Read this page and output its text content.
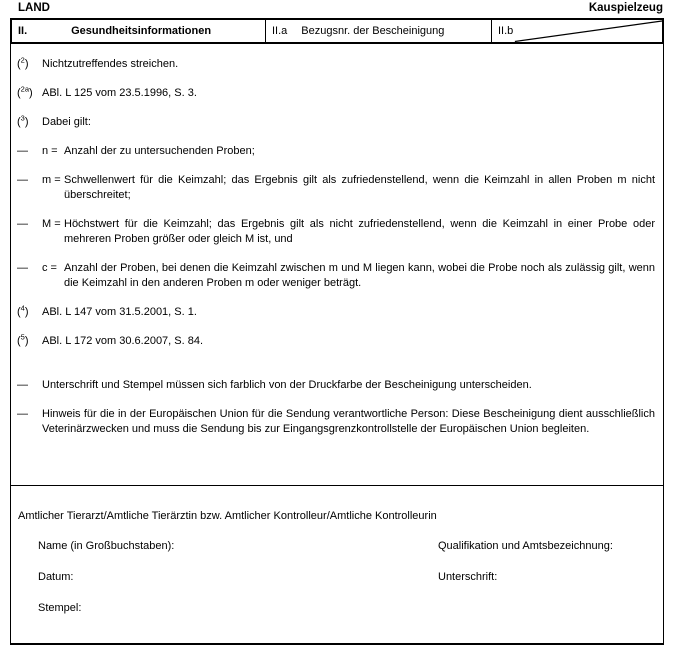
LAND	Kauspielzeug
II.	Gesundheitsinformationen	II.a Bezugsnr. der Bescheinigung	II.b
($^2$)	Nichtzutreffendes streichen.
($^{2a}$) ABl. L 125 vom 23.5.1996, S. 3.
($^3$)	Dabei gilt:
—	n = Anzahl der zu untersuchenden Proben;
—	m = Schwellenwert für die Keimzahl; das Ergebnis gilt als zufriedenstellend, wenn die Keimzahl in allen Proben m nicht überschreitet;
—	M = Höchstwert für die Keimzahl; das Ergebnis gilt als nicht zufriedenstellend, wenn die Keimzahl in einer Probe oder mehreren Proben größer oder gleich M ist, und
—	c = Anzahl der Proben, bei denen die Keimzahl zwischen m und M liegen kann, wobei die Probe noch als zulässig gilt, wenn die Keimzahl in den anderen Proben m oder weniger beträgt.
($^4$)	ABl. L 147 vom 31.5.2001, S. 1.
($^5$)	ABl. L 172 vom 30.6.2007, S. 84.
—	Unterschrift und Stempel müssen sich farblich von der Druckfarbe der Bescheinigung unterscheiden.
—	Hinweis für die in der Europäischen Union für die Sendung verantwortliche Person: Diese Bescheinigung dient ausschließlich Veterinärzwecken und muss die Sendung bis zur Eingangsgrenzkontrollstelle der Europäischen Union begleiten.
Amtlicher Tierarzt/Amtliche Tierärztin bzw. Amtlicher Kontrolleur/Amtliche Kontrolleurin
Name (in Großbuchstaben):	Qualifikation und Amtsbezeichnung:
Datum:	Unterschrift:
Stempel:
